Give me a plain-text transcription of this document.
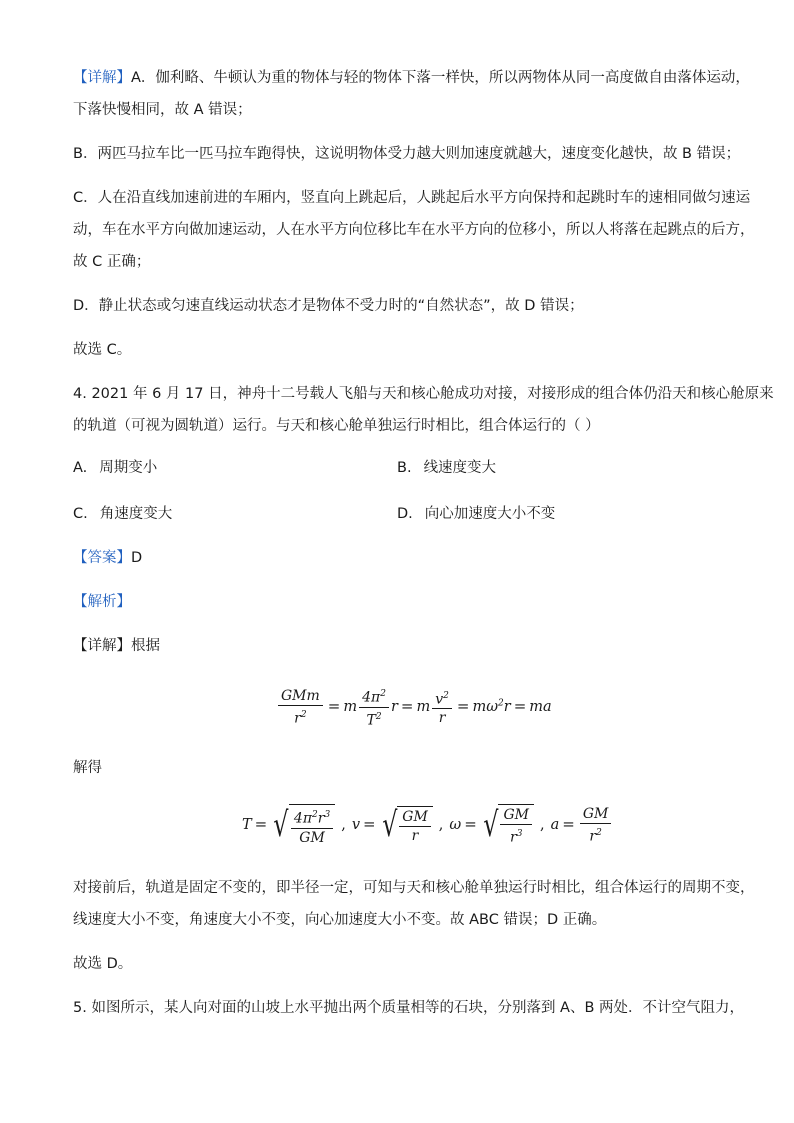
【详解】A．伽利略、牛顿认为重的物体与轻的物体下落一样快，所以两物体从同一高度做自由落体运动，
下落快慢相同，故 A 错误；
B．两匹马拉车比一匹马拉车跑得快，这说明物体受力越大则加速度就越大，速度变化越快，故 B 错误；
C．人在沿直线加速前进的车厢内，竖直向上跳起后，人跳起后水平方向保持和起跳时车的速相同做匀速运
动，车在水平方向做加速运动，人在水平方向位移比车在水平方向的位移小，所以人将落在起跳点的后方，
故 C 正确；
D．静止状态或匀速直线运动状态才是物体不受力时的“自然状态”，故 D 错误；
故选 C。
4. 2021 年 6 月 17 日，神舟十二号载人飞船与天和核心舱成功对接，对接形成的组合体仍沿天和核心舱原来
的轨道（可视为圆轨道）运行。与天和核心舱单独运行时相比，组合体运行的（ ）
A. 周期变小	B. 线速度变大
C. 角速度变大	D. 向心加速度大小不变
【答案】D
【解析】
【详解】根据
$\frac{\text{GMm}}{r^2} = m \frac{4\pi^2}{T^2}$ r = m $\frac{v^2}{r} = m\omega^2r$ = ma
解得
T = √ $\frac{4\pi^2r^3}{GM}$ , v = √ $\frac{GM}{r}$ , ω = √ $\frac{GM}{r^3}$ , $a = \frac{GM}{r^2}$
对接前后，轨道是固定不变的，即半径一定，可知与天和核心舱单独运行时相比，组合体运行的周期不变，
线速度大小不变，角速度大小不变，向心加速度大小不变。故 ABC 错误；D 正确。
故选 D。
5. 如图所示，某人向对面的山坡上水平抛出两个质量相等的石块，分别落到 A、B 两处．不计空气阻力，
